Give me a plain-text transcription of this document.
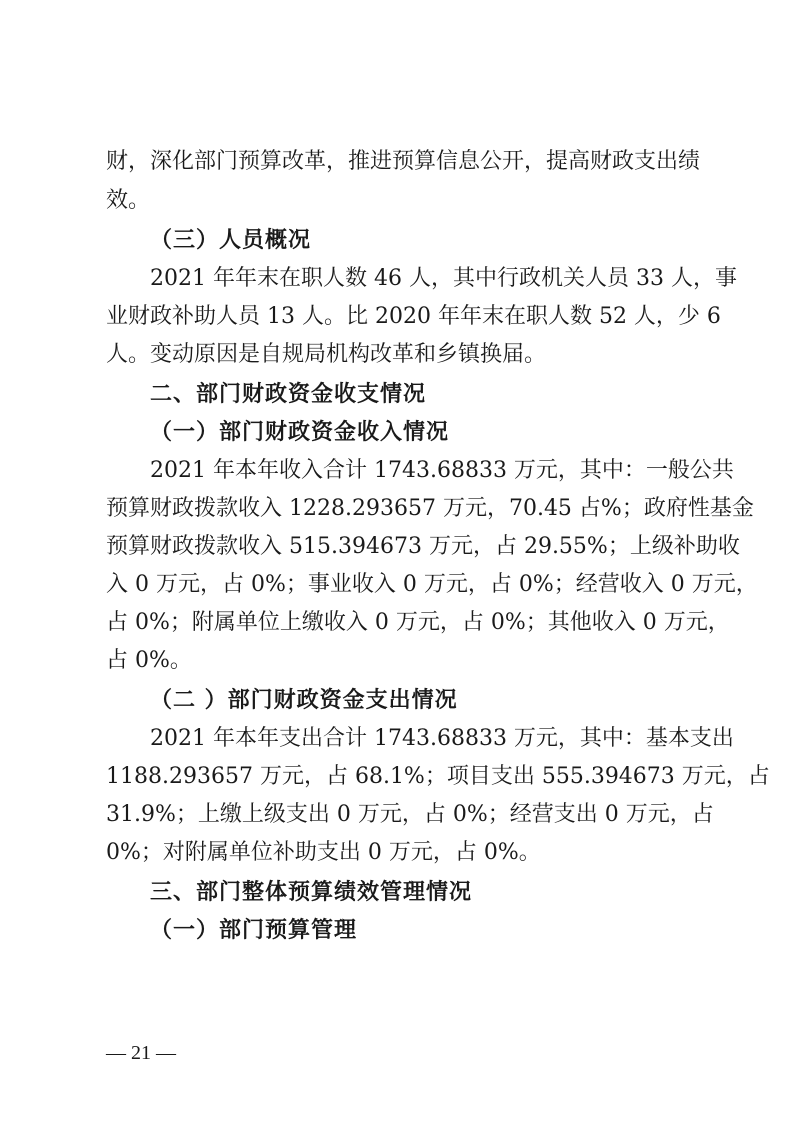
财，深化部门预算改革，推进预算信息公开，提高财政支出绩
效。
（三）人员概况
2021 年年末在职人数 46 人，其中行政机关人员 33 人，事
业财政补助人员 13 人。比 2020 年年末在职人数 52 人，少 6
人。变动原因是自规局机构改革和乡镇换届。
二、部门财政资金收支情况
（一）部门财政资金收入情况
2021 年本年收入合计 1743.68833 万元，其中：一般公共
预算财政拨款收入 1228.293657 万元，70.45 占%；政府性基金
预算财政拨款收入 515.394673 万元，占 29.55%；上级补助收
入 0 万元，占 0%；事业收入 0 万元，占 0%；经营收入 0 万元，
占 0%；附属单位上缴收入 0 万元，占 0%；其他收入 0 万元，
占 0%。
（二 ）部门财政资金支出情况
2021 年本年支出合计 1743.68833 万元，其中：基本支出
1188.293657 万元，占 68.1%；项目支出 555.394673 万元，占
31.9%；上缴上级支出 0 万元，占 0%；经营支出 0 万元，占
0%；对附属单位补助支出 0 万元，占 0%。
三、部门整体预算绩效管理情况
（一）部门预算管理
— 21 —
